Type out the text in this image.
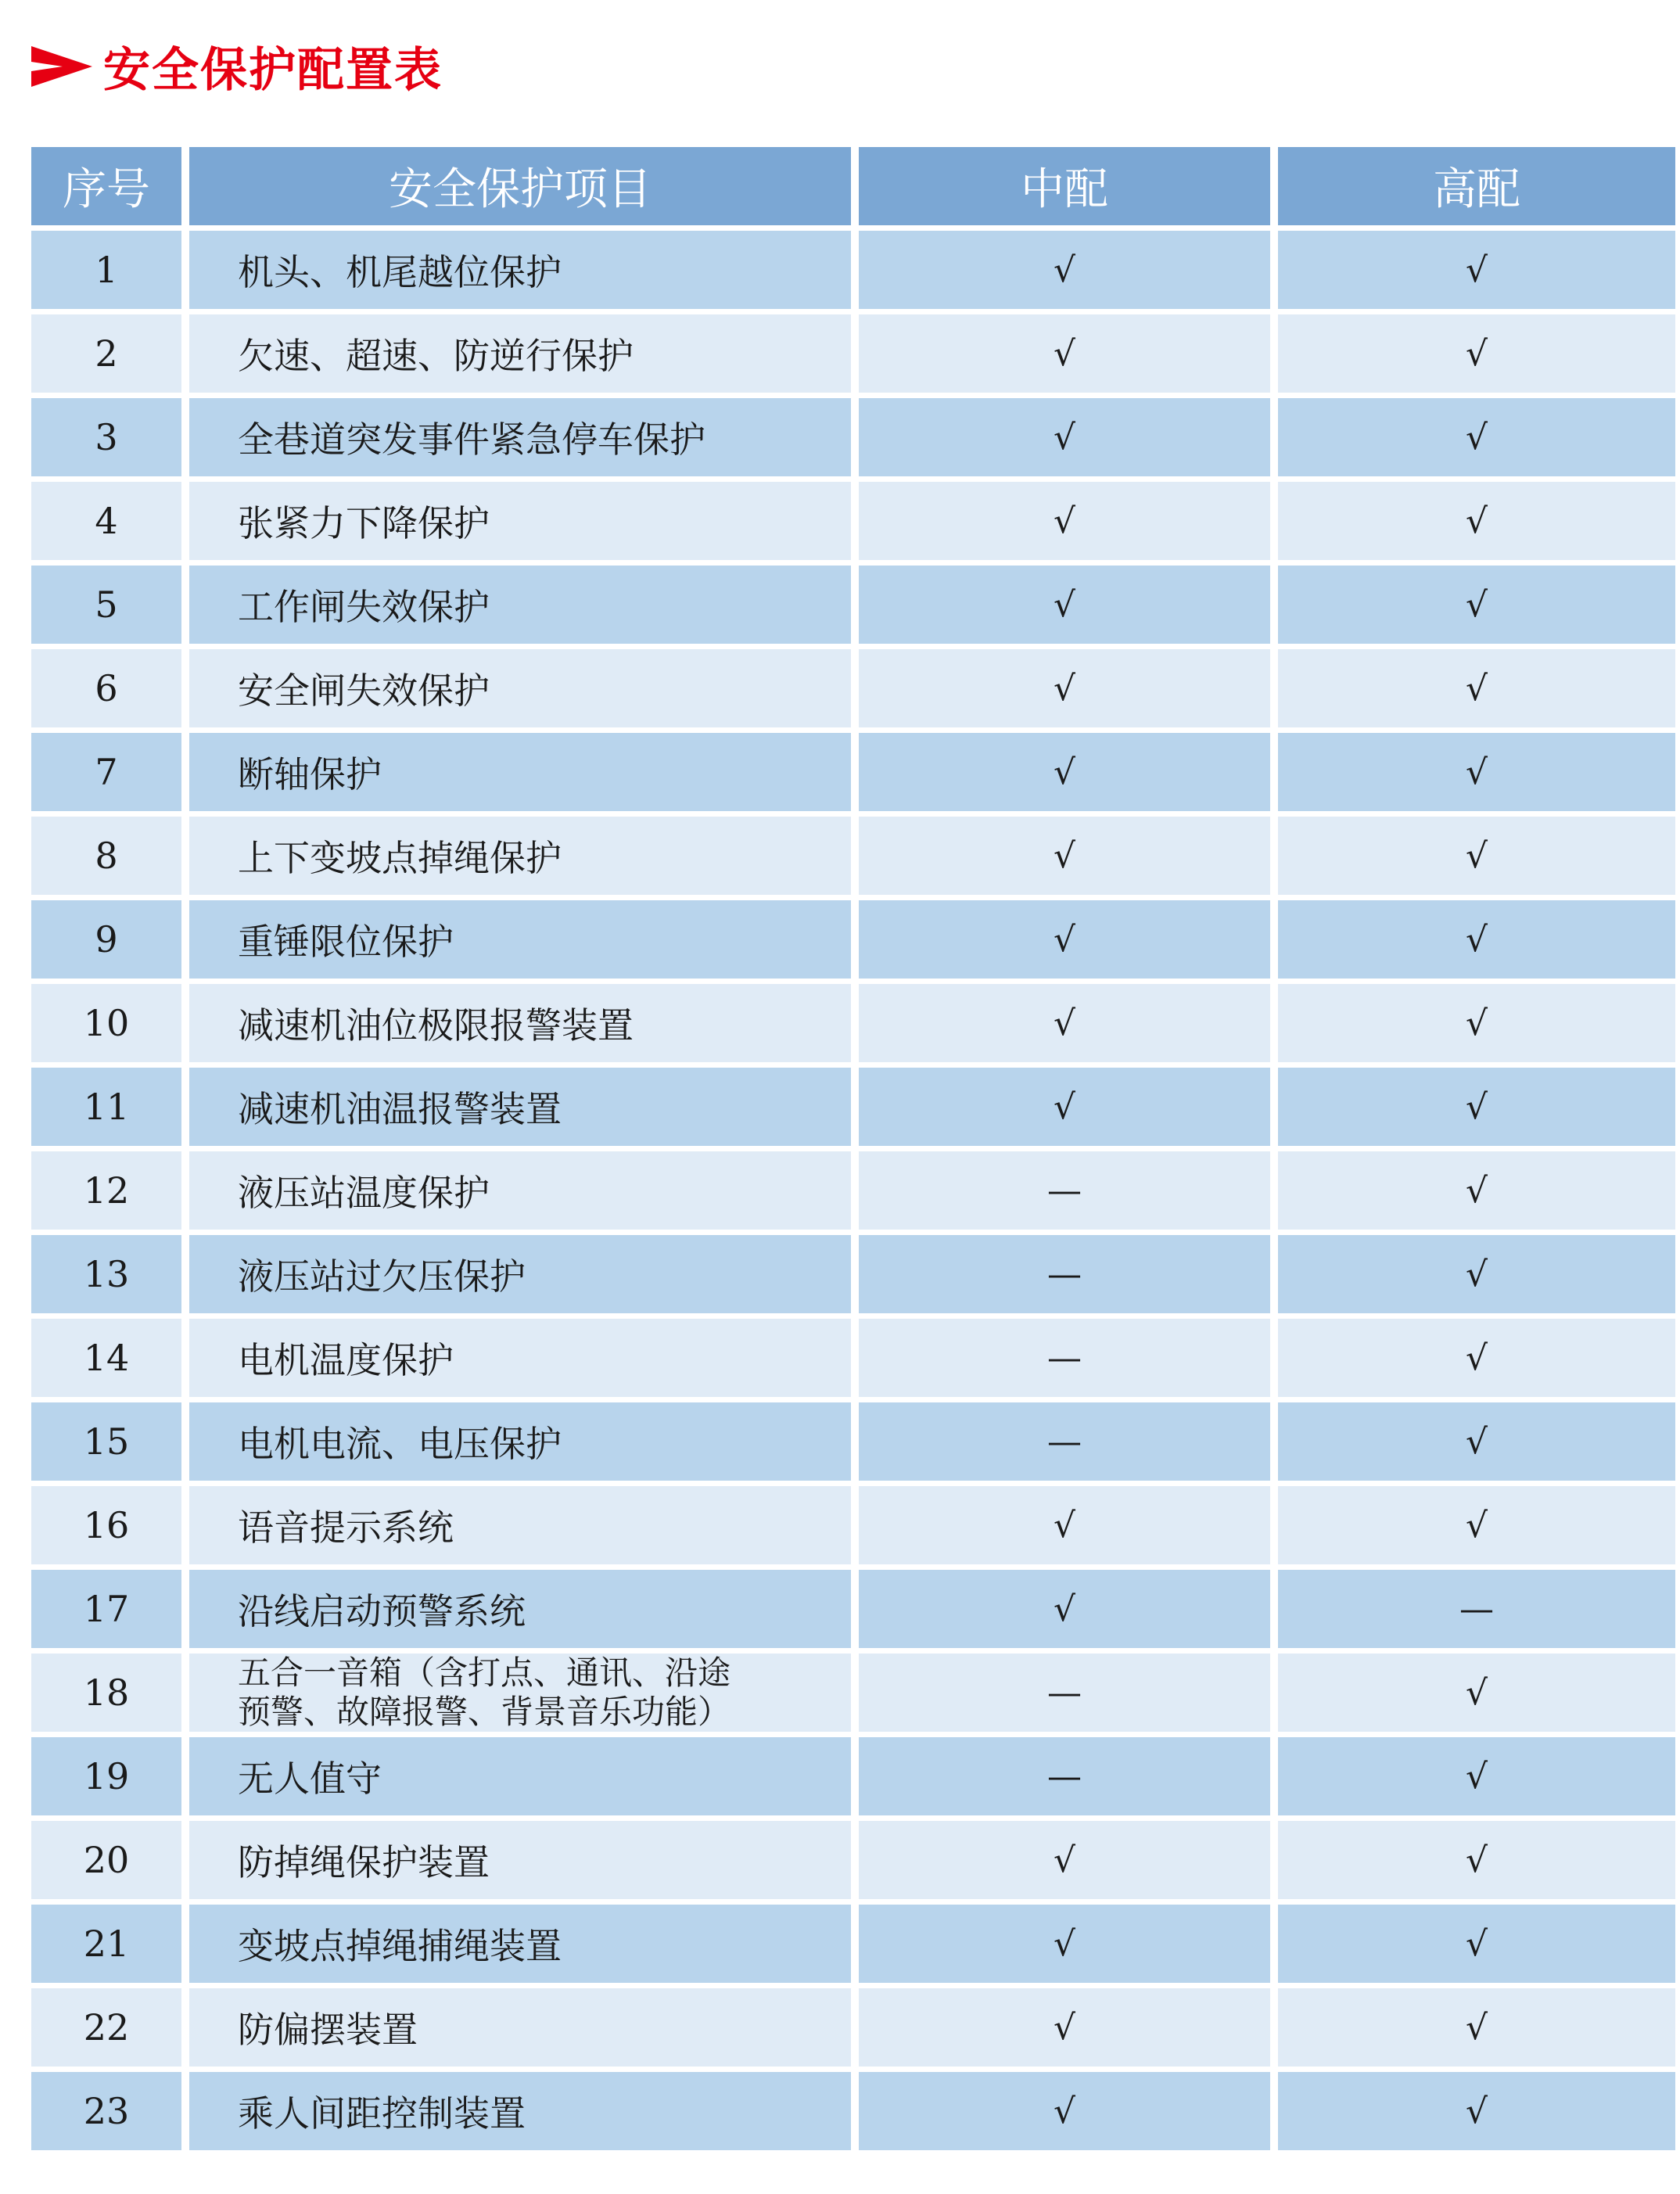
安全保护配置表
序号	安全保护项目	中配	高配
1	机头、机尾越位保护	√	√
2	欠速、超速、防逆行保护	√	√
3	全巷道突发事件紧急停车保护	√	√
4	张紧力下降保护	√	√
5	工作闸失效保护	√	√
6	安全闸失效保护	√	√
7	断轴保护	√	√
8	上下变坡点掉绳保护	√	√
9	重锤限位保护	√	√
10	减速机油位极限报警装置	√	√
11	减速机油温报警装置	√	√
12	液压站温度保护	—	√
13	液压站过欠压保护	—	√
14	电机温度保护	—	√
15	电机电流、电压保护	—	√
16	语音提示系统	√	√
17	沿线启动预警系统	√	—
18	五合一音箱（含打点、通讯、沿途
预警、故障报警、背景音乐功能）	—	√
19	无人值守	—	√
20	防掉绳保护装置	√	√
21	变坡点掉绳捕绳装置	√	√
22	防偏摆装置	√	√
23	乘人间距控制装置	√	√
